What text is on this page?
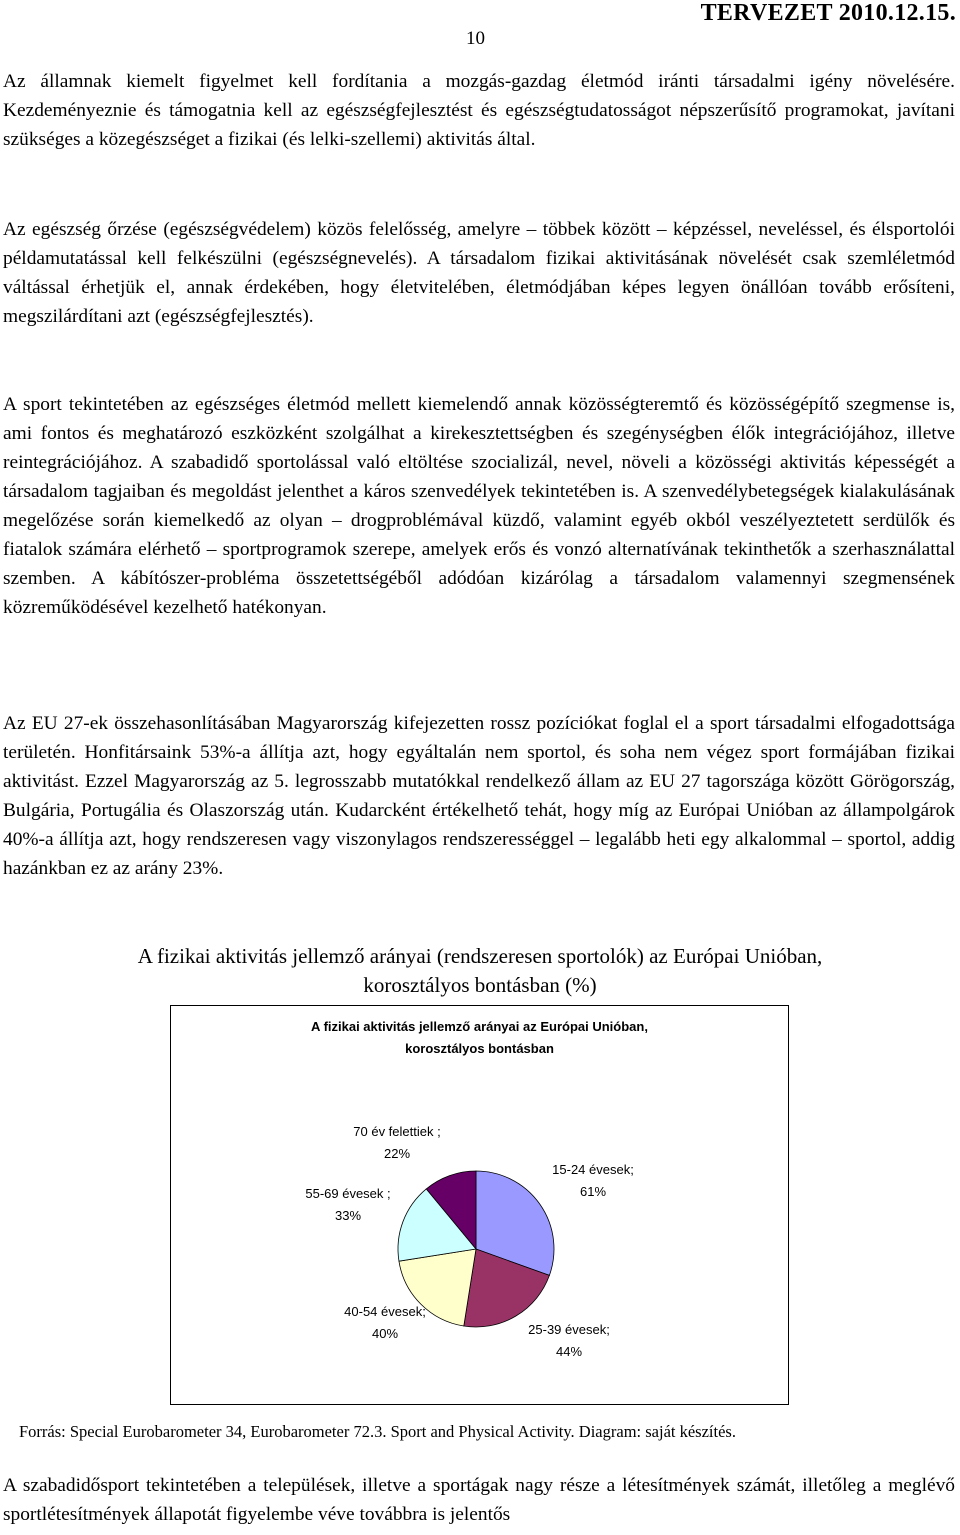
10
TERVEZET 2010.12.15.

Az államnak kiemelt figyelmet kell fordítania a mozgás-gazdag életmód iránti társadalmi igény növelésére. Kezdeményeznie és támogatnia kell az egészségfejlesztést és egészségtudatosságot népszerűsítő programokat, javítani szükséges a közegészséget a fizikai (és lelki-szellemi) aktivitás által.

Az egészség őrzése (egészségvédelem) közös felelősség, amelyre – többek között – képzéssel, neveléssel, és élsportolói példamutatással kell felkészülni (egészségnevelés). A társadalom fizikai aktivitásának növelését csak szemléletmód váltással érhetjük el, annak érdekében, hogy életvitelében, életmódjában képes legyen önállóan tovább erősíteni, megszilárdítani azt (egészségfejlesztés).

A sport tekintetében az egészséges életmód mellett kiemelendő annak közösségteremtő és közösségépítő szegmense is, ami fontos és meghatározó eszközként szolgálhat a kirekesztettségben és szegénységben élők integrációjához, illetve reintegrációjához. A szabadidő sportolással való eltöltése szocializál, nevel, növeli a közösségi aktivitás képességét a társadalom tagjaiban és megoldást jelenthet a káros szenvedélyek tekintetében is. A szenvedélybetegségek kialakulásának megelőzése során kiemelkedő az olyan – drogproblémával küzdő, valamint egyéb okból veszélyeztetett serdülők és fiatalok számára elérhető – sportprogramok szerepe, amelyek erős és vonzó alternatívának tekinthetők a szerhasználattal szemben. A kábítószer-probléma összetettségéből adódóan kizárólag a társadalom valamennyi szegmensének közreműködésével kezelhető hatékonyan.

Az EU 27-ek összehasonlításában Magyarország kifejezetten rossz pozíciókat foglal el a sport társadalmi elfogadottsága területén. Honfitársaink 53%-a állítja azt, hogy egyáltalán nem sportol, és soha nem végez sport formájában fizikai aktivitást. Ezzel Magyarország az 5. legrosszabb mutatókkal rendelkező állam az EU 27 tagországa között Görögország, Bulgária, Portugália és Olaszország után. Kudarcként értékelhető tehát, hogy míg az Európai Unióban az állampolgárok 40%-a állítja azt, hogy rendszeresen vagy viszonylagos rendszerességgel – legalább heti egy alkalommal – sportol, addig hazánkban ez az arány 23%.

A fizikai aktivitás jellemző arányai (rendszeresen sportolók) az Európai Unióban,
korosztályos bontásban (%)
A fizikai aktivitás jellemző arányai az Európai Unióban,
korosztályos bontásban
15-24 évesek;
61%
25-39 évesek;
44%
40-54 évesek;
40%
55-69 évesek ;
33%
70 év felettiek ;
22%
Forrás: Special Eurobarometer 34, Eurobarometer 72.3. Sport and Physical Activity. Diagram: saját készítés.

A szabadidősport tekintetében a települések, illetve a sportágak nagy része a létesítmények számát, illetőleg a meglévő sportlétesítmények állapotát figyelembe véve továbbra is jelentős
